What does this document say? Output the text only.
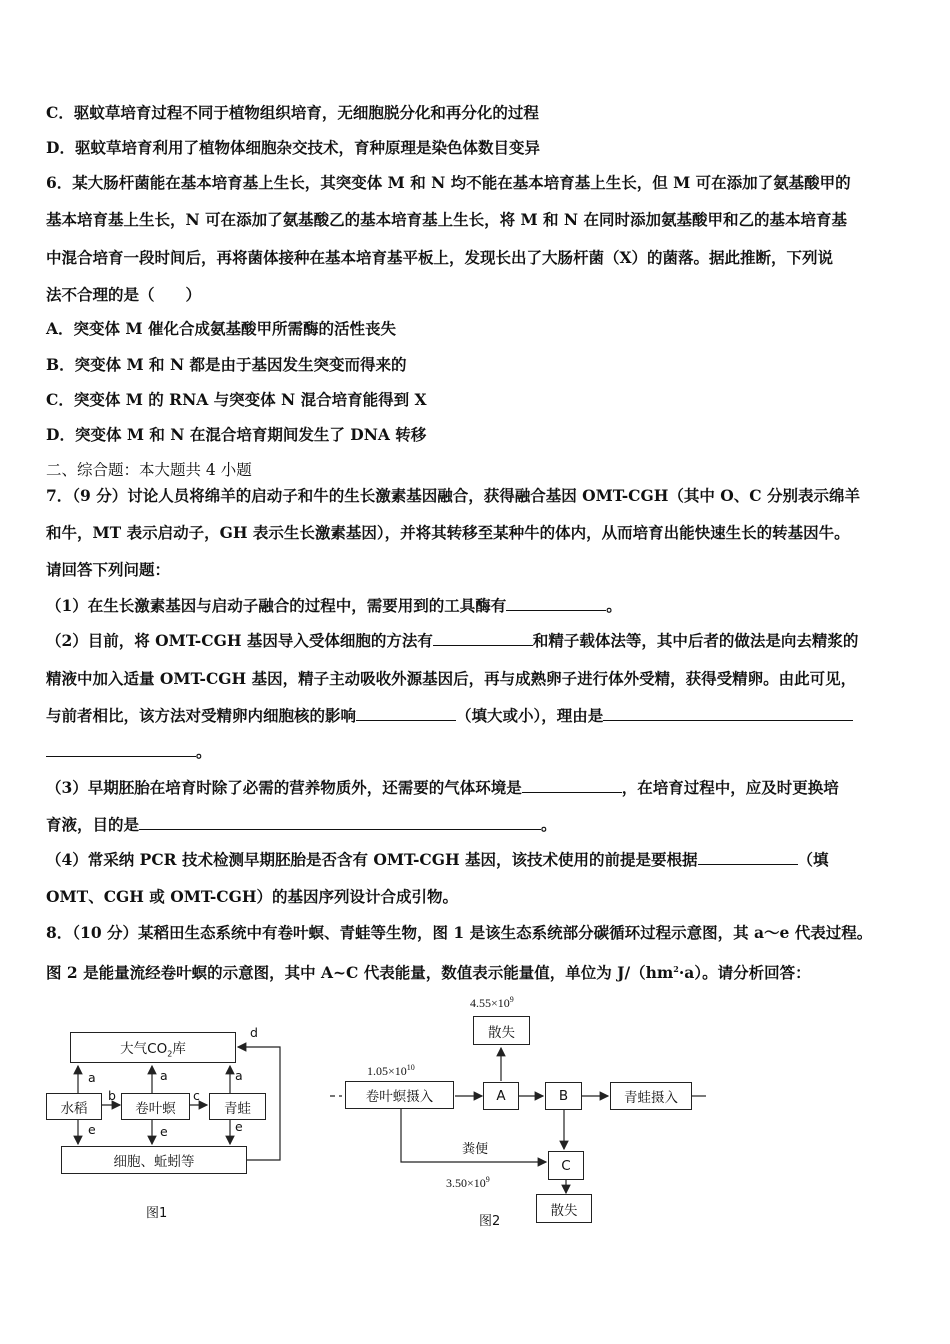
C．驱蚊草培育过程不同于植物组织培育，无细胞脱分化和再分化的过程
D．驱蚊草培育利用了植物体细胞杂交技术，育种原理是染色体数目变异
6．某大肠杆菌能在基本培育基上生长，其突变体 M 和 N 均不能在基本培育基上生长，但 M 可在添加了氨基酸甲的
基本培育基上生长，N 可在添加了氨基酸乙的基本培育基上生长，将 M 和 N 在同时添加氨基酸甲和乙的基本培育基
中混合培育一段时间后，再将菌体接种在基本培育基平板上，发现长出了大肠杆菌（X）的菌落。据此推断，下列说
法不合理的是（　　）
A．突变体 M 催化合成氨基酸甲所需酶的活性丧失
B．突变体 M 和 N 都是由于基因发生突变而得来的
C．突变体 M 的 RNA 与突变体 N 混合培育能得到 X
D．突变体 M 和 N 在混合培育期间发生了 DNA 转移
二、综合题：本大题共 4 小题
7．（9 分）讨论人员将绵羊的启动子和牛的生长激素基因融合，获得融合基因 OMT-CGH（其中 O、C 分别表示绵羊
和牛，MT 表示启动子，GH 表示生长激素基因），并将其转移至某种牛的体内，从而培育出能快速生长的转基因牛。
请回答下列问题：
（1）在生长激素基因与启动子融合的过程中，需要用到的工具酶有	。
（2）目前，将 OMT-CGH 基因导入受体细胞的方法有	和精子载体法等，其中后者的做法是向去精浆的
精液中加入适量 OMT-CGH 基因，精子主动吸收外源基因后，再与成熟卵子进行体外受精，获得受精卵。由此可见，
与前者相比，该方法对受精卵内细胞核的影响	（填大或小），理由是
。
（3）早期胚胎在培育时除了必需的营养物质外，还需要的气体环境是	，在培育过程中，应及时更换培
育液，目的是	。
（4）常采纳 PCR 技术检测早期胚胎是否含有 OMT-CGH 基因，该技术使用的前提是要根据	（填
OMT、CGH 或 OMT-CGH）的基因序列设计合成引物。
8．（10 分）某稻田生态系统中有卷叶螟、青蛙等生物，图 1 是该生态系统部分碳循环过程示意图，其 a～e 代表过程。
图 2 是能量流经卷叶螟的示意图，其中 A~C 代表能量，数值表示能量值，单位为 $J/(hm^2\cdot a)$。请分析回答：
大气$CO_2$库
水稻	卷叶螟	青蛙
细胞、蚯蚓等
a	a	a
b	c
d
e	e	e
图1
$4.55\times 10^9$
散失
$1.05\times 10^{10}$
卷叶螟摄入	A	B	青蛙摄入
粪便
C
$3.50\times 10^9$
散失
图2
